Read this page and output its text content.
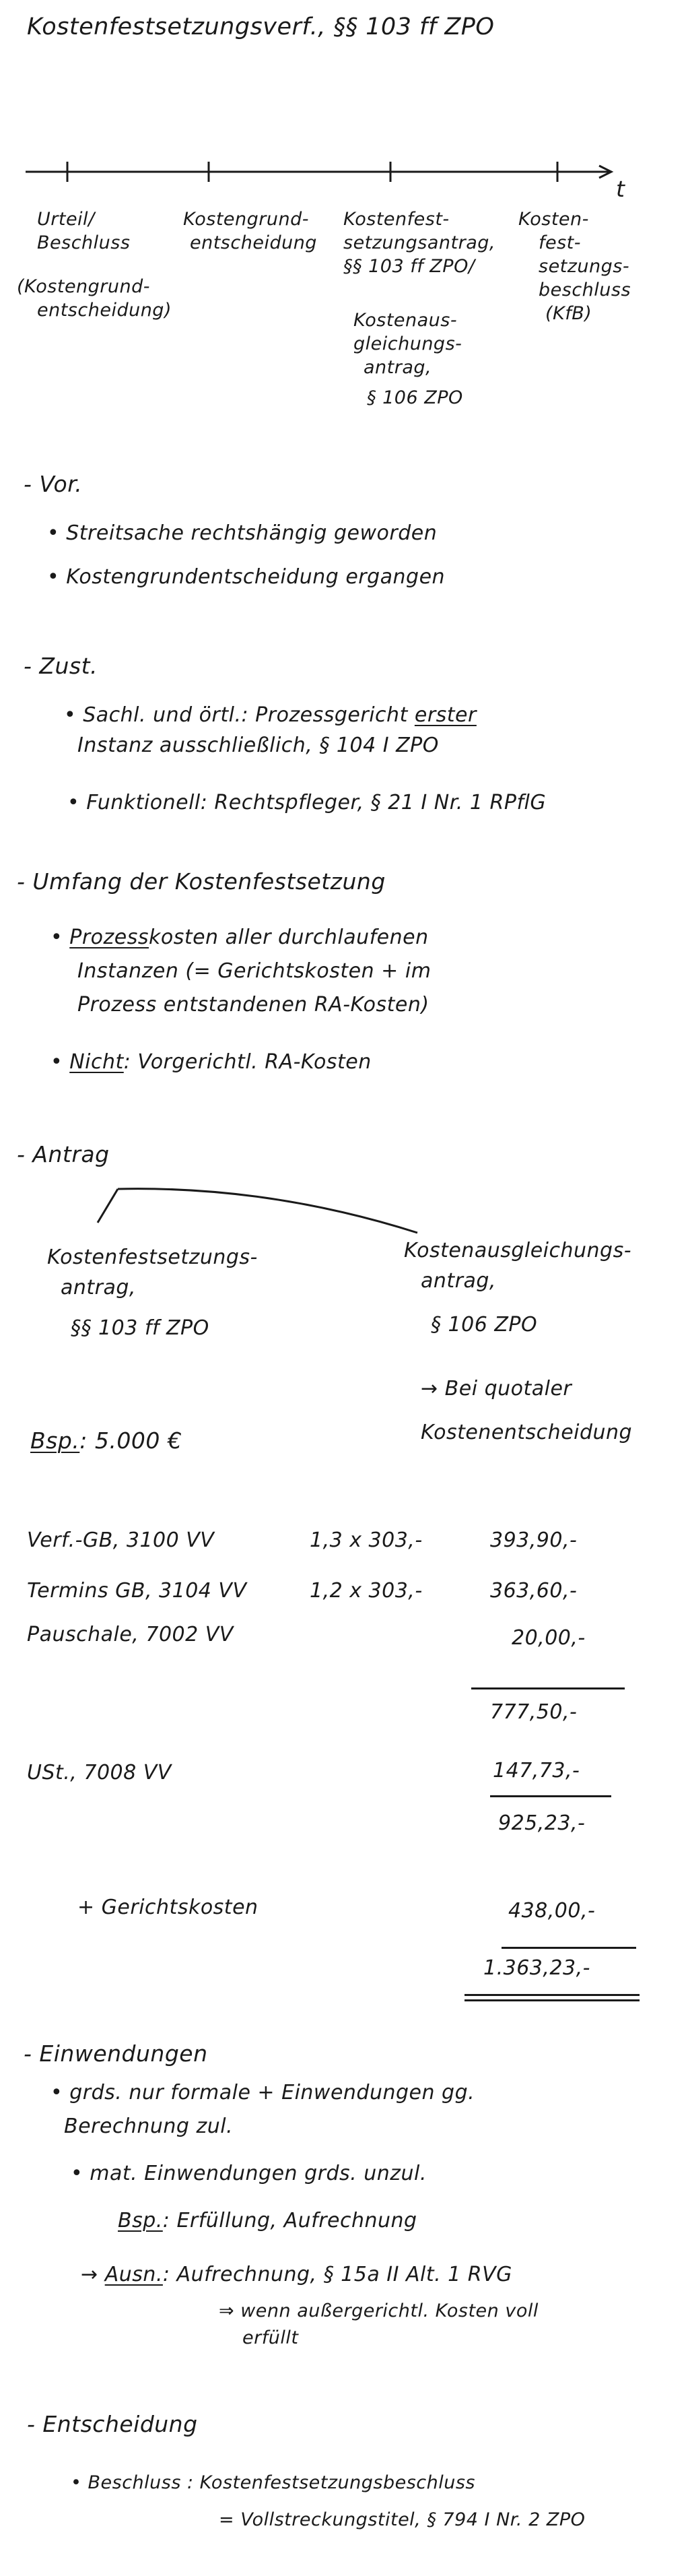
Kostenfestsetzungsverf., §§ 103 ff ZPO
t
Urteil/
Beschluss
(Kostengrund-
entscheidung)
Kostengrund-
entscheidung
Kostenfest-
setzungsantrag,
§§ 103 ff ZPO/
Kostenaus-
gleichungs-
antrag,
§ 106 ZPO
Kosten-
fest-
setzungs-
beschluss
(KfB)
- Vor.
• Streitsache rechtshängig geworden
• Kostengrundentscheidung ergangen
- Zust.
• Sachl. und örtl.: Prozessgericht erster
Instanz ausschließlich, § 104 I ZPO
• Funktionell: Rechtspfleger, § 21 I Nr. 1 RPflG
- Umfang der Kostenfestsetzung
• Prozesskosten aller durchlaufenen
Instanzen (= Gerichtskosten + im
Prozess entstandenen RA-Kosten)
• Nicht: Vorgerichtl. RA-Kosten
- Antrag
Kostenfestsetzungs-
antrag,
§§ 103 ff ZPO
Kostenausgleichungs-
antrag,
§ 106 ZPO
→ Bei quotaler
Kostenentscheidung
Bsp.: 5.000 €
Verf.-GB, 3100 VV	1,3 x 303,-	393,90,-
Termins GB, 3104 VV	1,2 x 303,-	363,60,-
Pauschale, 7002 VV	20,00,-
777,50,-
USt., 7008 VV	147,73,-
925,23,-
+ Gerichtskosten	438,00,-
1.363,23,-
- Einwendungen
• grds. nur formale + Einwendungen gg.
Berechnung zul.
• mat. Einwendungen grds. unzul.
Bsp.: Erfüllung, Aufrechnung
→ Ausn.: Aufrechnung, § 15a II Alt. 1 RVG
⇒ wenn außergerichtl. Kosten voll
erfüllt
- Entscheidung
• Beschluss : Kostenfestsetzungsbeschluss
= Vollstreckungstitel, § 794 I Nr. 2 ZPO
